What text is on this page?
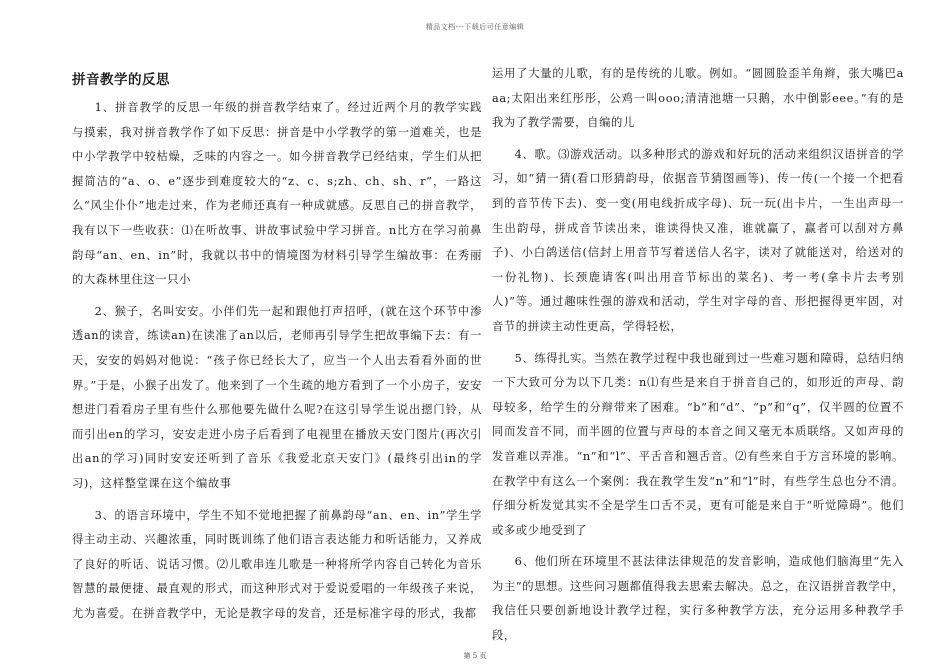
精品文档---下载后可任意编辑
拼音教学的反思

1、拼音教学的反思一年级的拼音教学结束了。经过近两个月的教学实践与摸索，我对拼音教学作了如下反思：拼音是中小学教学的第一道难关，也是中小学教学中较枯燥，乏味的内容之一。如今拼音教学已经结束，学生们从把握简洁的“a、o、e”逐步到难度较大的“z、c、s;zh、ch、sh、r”，一路这么“风尘仆仆”地走过来，作为老师还真有一种成就感。反思自己的拼音教学，我有以下一些收获：⑴在听故事、讲故事试验中学习拼音。n比方在学习前鼻韵母“an、en、in”时，我就以书中的情境图为材料引导学生编故事：在秀丽的大森林里住这一只小

2、猴子，名叫安安。小伴们先一起和跟他打声招呼，(就在这个环节中渗透an的读音，练读an)在读准了an以后，老师再引导学生把故事编下去：有一天，安安的妈妈对他说：“孩子你已经长大了，应当一个人出去看看外面的世界。”于是，小猴子出发了。他来到了一个生疏的地方看到了一个小房子，安安想进门看看房子里有些什么那他要先做什么呢?在这引导学生说出摁门铃，从而引出en的学习，安安走进小房子后看到了电视里在播放天安门图片(再次引出an的学习)同时安安还听到了音乐《我爱北京天安门》(最终引出in的学习)，这样整堂课在这个编故事

3、的语言环境中，学生不知不觉地把握了前鼻韵母“an、en、in”学生学得主动主动、兴趣浓重，同时既训练了他们语言表达能力和听话能力，又养成了良好的听话、说话习惯。⑵儿歌串连儿歌是一种将所学内容自己转化为音乐智慧的最便捷、最直观的形式，而这种形式对于爱说爱唱的一年级孩子来说，尤为喜爱。在拼音教学中，无论是教字母的发音，还是标准字母的形式，我都

运用了大量的儿歌，有的是传统的儿歌。例如。“圆圆脸歪羊角辫，张大嘴巴aaa;太阳出来红彤彤，公鸡一叫ooo;清清池塘一只鹅，水中倒影eee。”有的是我为了教学需要，自编的儿

4、歌。⑶游戏活动。以多种形式的游戏和好玩的活动来组织汉语拼音的学习，如“猜一猜(看口形猜韵母，依据音节猜图画等)、传一传(一个接一个把看到的音节传下去)、变一变(用电线折成字母)、玩一玩(出卡片，一生出声母一生出韵母，拼成音节读出来，谁读得快又准，谁就赢了，赢者可以刮对方鼻子)、小白鸽送信(信封上用音节写着送信人名字，读对了就能送对，给送对的一份礼物)、长颈鹿请客(叫出用音节标出的菜名)、考一考(拿卡片去考别人)”等。通过趣味性强的游戏和活动，学生对字母的音、形把握得更牢固，对音节的拼读主动性更高，学得轻松，

5、练得扎实。当然在教学过程中我也碰到过一些难习题和障碍，总结归纳一下大致可分为以下几类：n⑴有些是来自于拼音自己的，如形近的声母、韵母较多，给学生的分辩带来了困难。“b”和“d”、“p”和“q”，仅半圆的位置不同而发音不同，而半圆的位置与声母的本音之间又毫无本质联络。又如声母的发音难以弄准。“n”和“l”、平舌音和翘舌音。⑵有些来自于方言环境的影响。在教学中有这么一个案例：我在教学生发“n”和“l”时，有些学生总也分不清。仔细分析发觉其实不全是学生口舌不灵，更有可能是来自于“听觉障碍”。他们或多或少地受到了

6、他们所在环境里不甚法律法律规范的发音影响，造成他们脑海里“先入为主”的思想。这些问习题都值得我去思索去解决。总之，在汉语拼音教学中，我信任只要创新地设计教学过程，实行多种教学方法，充分运用多种教学手段，

第 5 页
